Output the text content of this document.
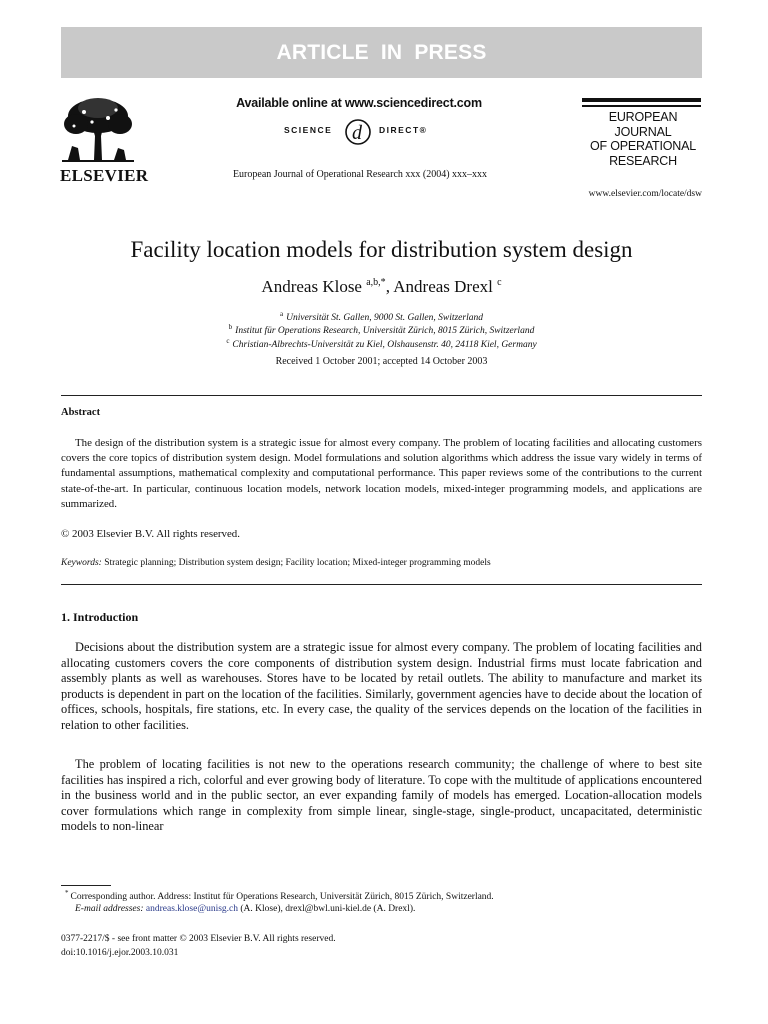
ARTICLE IN PRESS
ELSEVIER
Available online at www.sciencedirect.com
d
SCIENCE	DIRECT®
European Journal of Operational Research xxx (2004) xxx–xxx
EUROPEAN
JOURNAL
OF OPERATIONAL
RESEARCH
www.elsevier.com/locate/dsw
Facility location models for distribution system design
Andreas Klose $^{a,b,*}$, Andreas Drexl $^c$
$^a$ Universität St. Gallen, 9000 St. Gallen, Switzerland
$^b$ Institut für Operations Research, Universität Zürich, 8015 Zürich, Switzerland
$^c$ Christian-Albrechts-Universität zu Kiel, Olshausenstr. 40, 24118 Kiel, Germany
Received 1 October 2001; accepted 14 October 2003
Abstract
The design of the distribution system is a strategic issue for almost every company. The problem of locating facilities and allocating customers covers the core topics of distribution system design. Model formulations and solution algorithms which address the issue vary widely in terms of fundamental assumptions, mathematical complexity and computational performance. This paper reviews some of the contributions to the current state-of-the-art. In particular, continuous location models, network location models, mixed-integer programming models, and applications are summarized.
© 2003 Elsevier B.V. All rights reserved.
Keywords: Strategic planning; Distribution system design; Facility location; Mixed-integer programming models
1. Introduction
Decisions about the distribution system are a strategic issue for almost every company. The problem of locating facilities and allocating customers covers the core components of distribution system design. Industrial firms must locate fabrication and assembly plants as well as warehouses. Stores have to be located by retail outlets. The ability to manufacture and market its products is dependent in part on the location of the facilities. Similarly, government agencies have to decide about the location of offices, schools, hospitals, fire stations, etc. In every case, the quality of the services depends on the location of the facilities in relation to other facilities.
The problem of locating facilities is not new to the operations research community; the challenge of where to best site facilities has inspired a rich, colorful and ever growing body of literature. To cope with the multitude of applications encountered in the business world and in the public sector, an ever expanding family of models has emerged. Location-allocation models cover formulations which range in complexity from simple linear, single-stage, single-product, uncapacitated, deterministic models to non-linear
* Corresponding author. Address: Institut für Operations Research, Universität Zürich, 8015 Zürich, Switzerland.
E-mail addresses: andreas.klose@unisg.ch (A. Klose), drexl@bwl.uni-kiel.de (A. Drexl).
0377-2217/$ - see front matter © 2003 Elsevier B.V. All rights reserved.
doi:10.1016/j.ejor.2003.10.031
